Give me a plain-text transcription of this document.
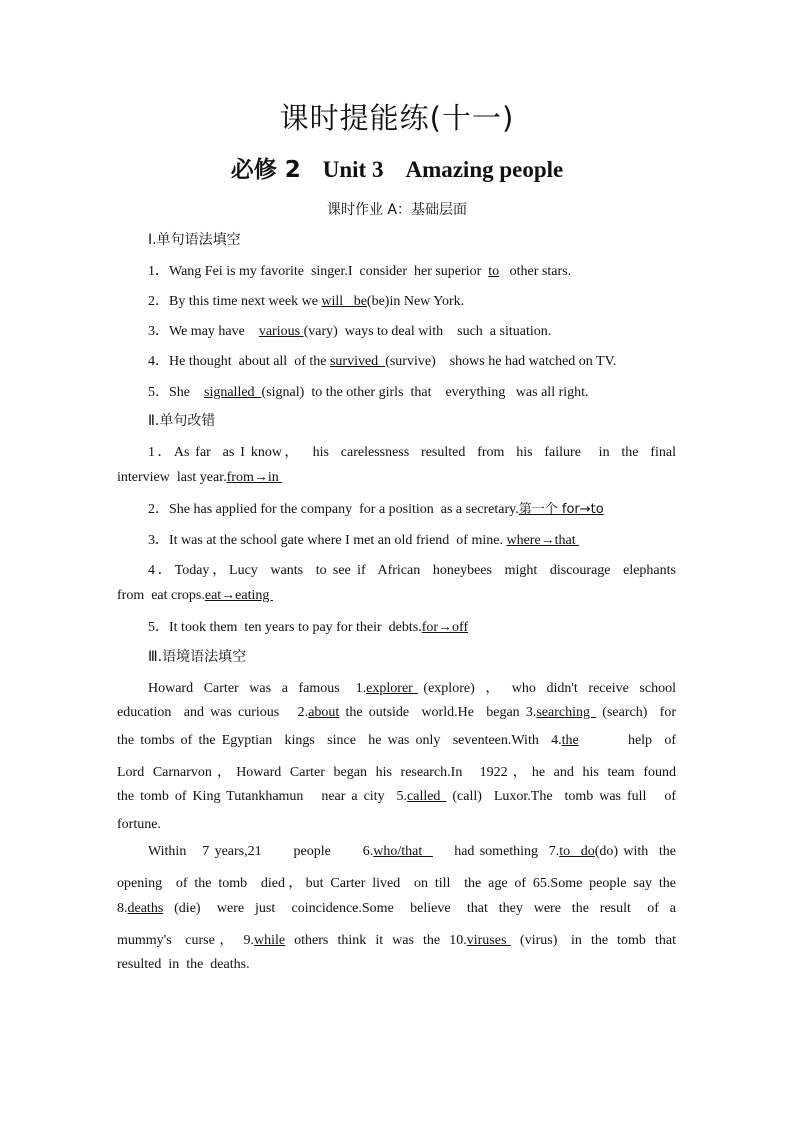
课时提能练(十一)
必修 2 Unit 3 Amazing people
课时作业 A：基础层面
Ⅰ.单句语法填空
1．Wang Fei is my favorite  singer.I  consider  her superior  to   other stars.
2．By this time next week we will   be(be)in New York.
3．We may have    various (vary)  ways to deal with    such  a situation.
4．He thought  about all  of the survived  (survive)    shows he had watched on TV.
5．She    signalled  (signal)  to the other girls  that    everything   was all right.
Ⅱ.单句改错
1．As far  as I know，  his  carelessness  resulted  from  his  failure   in  the  final
interview  last year.from→in
2．She has applied for the company  for a position  as a secretary.第一个 for→to
3．It was at the school gate where I met an old friend  of mine. where→that
4．Today，Lucy  wants  to see if  African  honeybees  might  discourage  elephants
from  eat crops.eat→eating
5．It took them  ten years to pay for their  debts.for→off
Ⅲ.语境语法填空
Howard  Carter  was  a  famous   1.explorer  (explore)  ，  who  didn't  receive  school
education  and was curious   2.about the outside  world.He  began 3.searching  (search)  for
the tombs of the Egyptian  kings  since  he was only  seventeen.With  4.the        help  of
Lord Carnarvon，Howard Carter began his research.In  1922，he and his team found
the tomb of King Tutankhamun   near a city  5.called  (call)  Luxor.The  tomb was full   of
fortune.
Within   7 years,21      people      6.who/that      had something  7.to  do(do) with  the
opening  of the tomb  died，but Carter lived  on till  the age of 65.Some people say the
8.deaths  (die)   were  just   coincidence.Some   believe   that  they  were  the  result   of  a
mummy's   curse ，  9.while  others  think  it  was  the  10.viruses   (virus)   in  the  tomb  that
resulted  in  the  deaths.
